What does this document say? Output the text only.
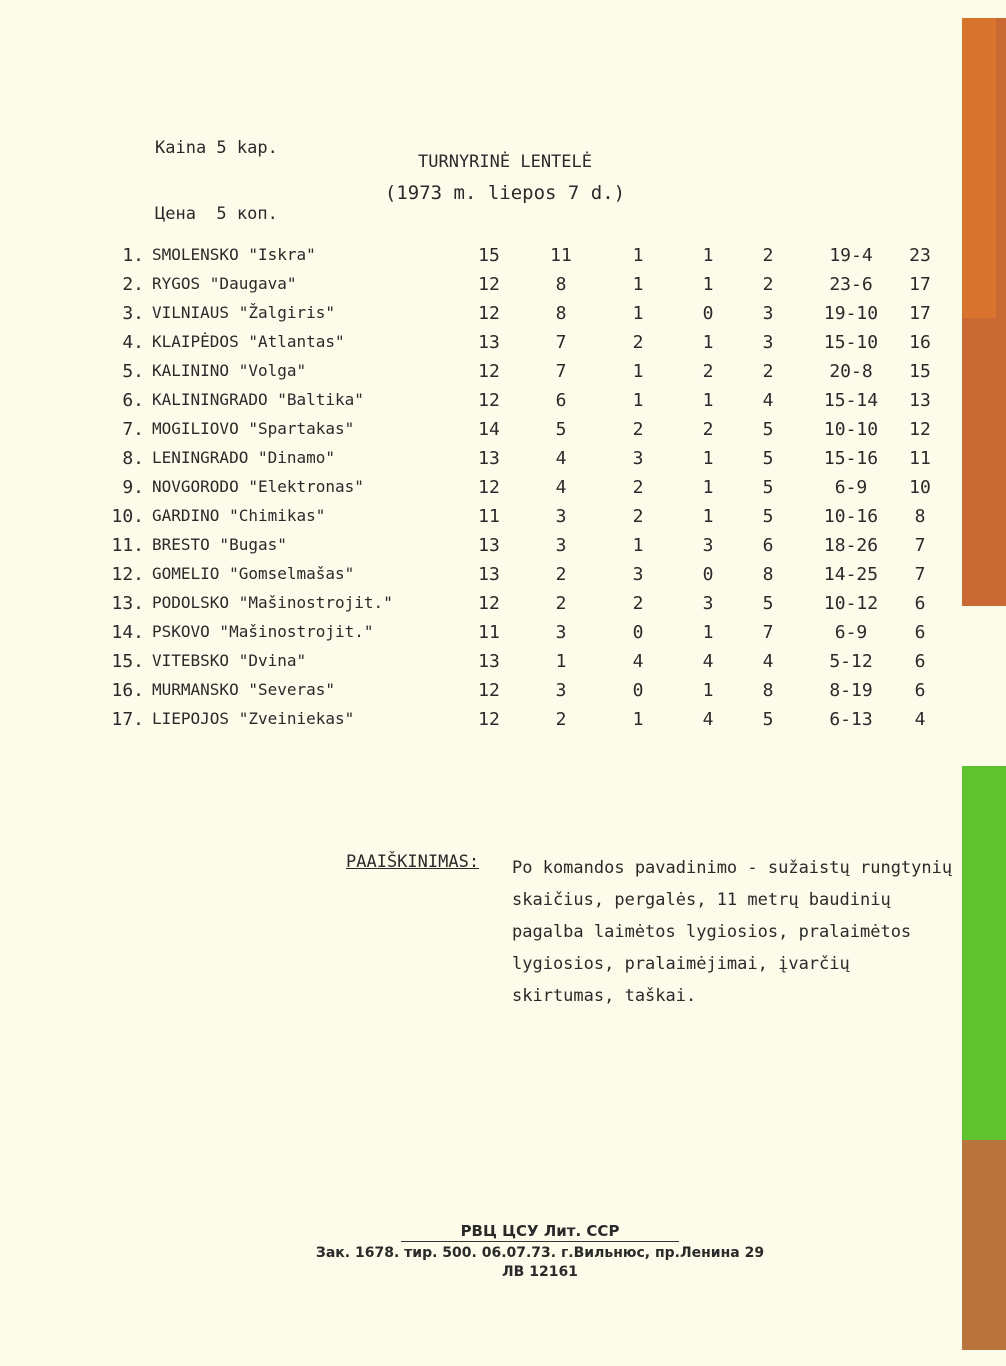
Kaina 5 kap.

Цена  5 коп.

TURNYRINĖ LENTELĖ
(1973 m. liepos 7 d.)
1. SMOLENSKO "Iskra"	15	11	1	1	2	19-4	23
2. RYGOS "Daugava"	12	8	1	1	2	23-6	17
3. VILNIAUS "Žalgiris"	12	8	1	0	3	19-10	17
4. KLAIPĖDOS "Atlantas"	13	7	2	1	3	15-10	16
5. KALININO "Volga"	12	7	1	2	2	20-8	15
6. KALININGRADO "Baltika"	12	6	1	1	4	15-14	13
7. MOGILIOVO "Spartakas"	14	5	2	2	5	10-10	12
8. LENINGRADO "Dinamo"	13	4	3	1	5	15-16	11
9. NOVGORODO "Elektronas"	12	4	2	1	5	6-9	10
10. GARDINO "Chimikas"	11	3	2	1	5	10-16	8
11. BRESTO "Bugas"	13	3	1	3	6	18-26	7
12. GOMELIO "Gomselmašas"	13	2	3	0	8	14-25	7
13. PODOLSKO "Mašinostrojit."	12	2	2	3	5	10-12	6
14. PSKOVO "Mašinostrojit."	11	3	0	1	7	6-9	6
15. VITEBSKO "Dvina"	13	1	4	4	4	5-12	6
16. MURMANSKO "Severas"	12	3	0	1	8	8-19	6
17. LIEPOJOS "Zveiniekas"	12	2	1	4	5	6-13	4
PAAIŠKINIMAS: Po komandos pavadinimo - sužaistų rungtynių skaičius, pergalės, 11 metrų baudinių pagalba laimėtos lygiosios, pralaimėtos lygiosios, pralaimėjimai, įvarčių skirtumas, taškai.
РВЦ ЦСУ Лит. ССР
Зак. 1678. тир. 500. 06.07.73. г.Вильнюс, пр.Ленина 29
ЛВ 12161
